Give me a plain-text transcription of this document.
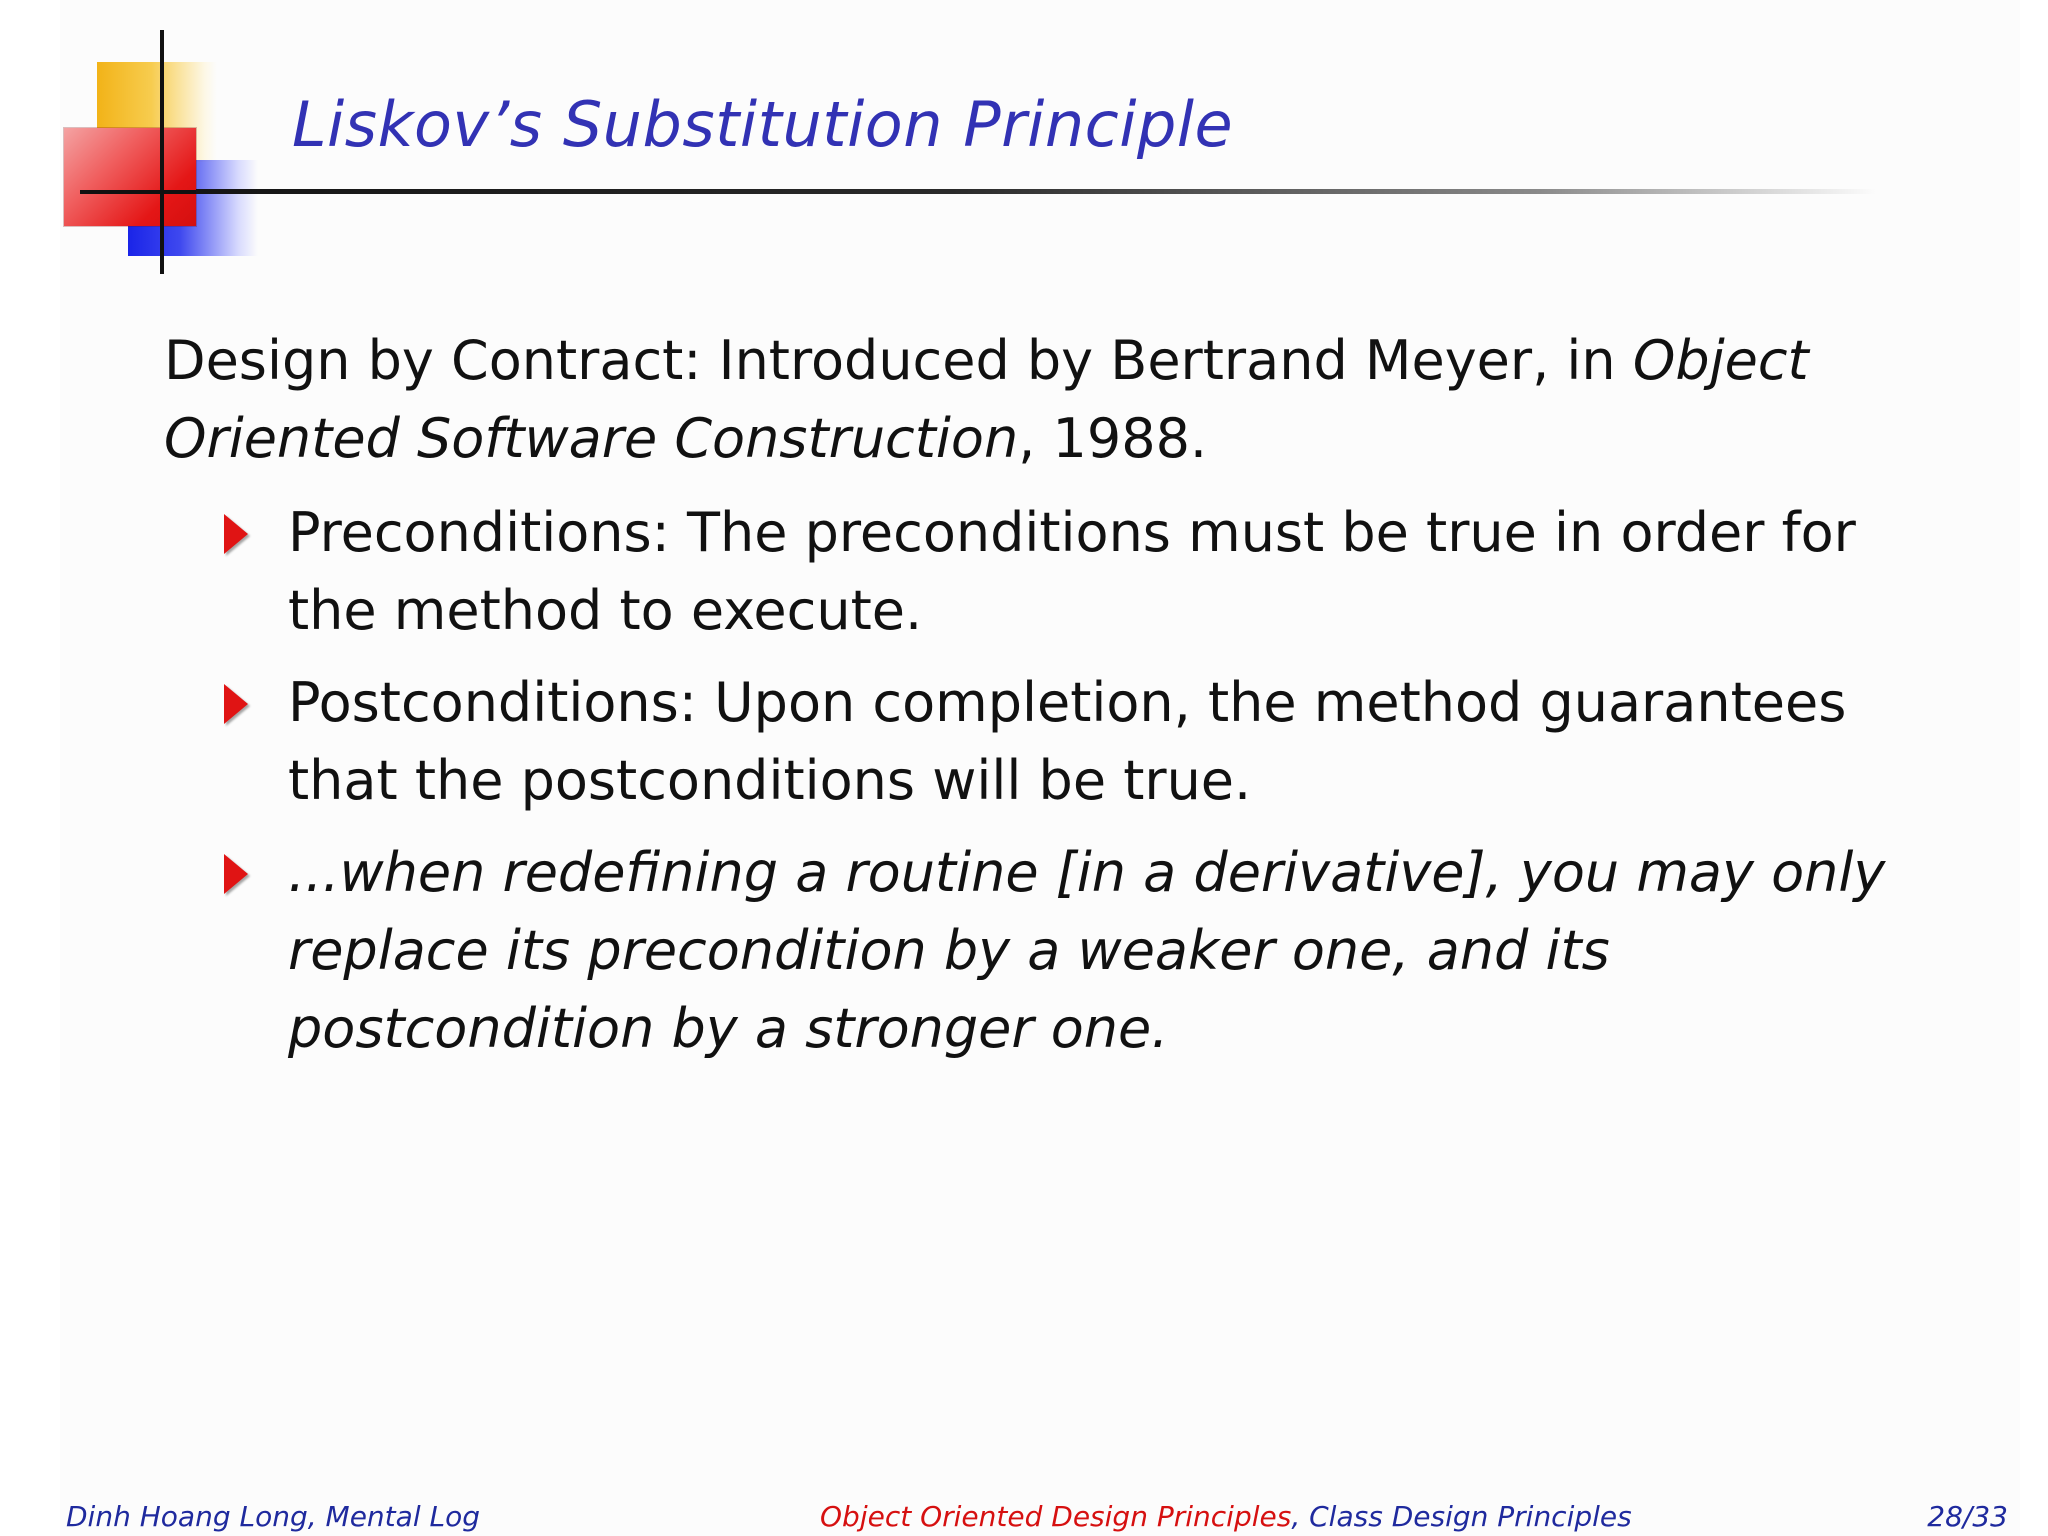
Liskov’s Substitution Principle

Design by Contract: Introduced by Bertrand Meyer, in Object Oriented Software Construction, 1988.

Preconditions: The preconditions must be true in order for the method to execute.
Postconditions: Upon completion, the method guarantees that the postconditions will be true.
...when redefining a routine [in a derivative], you may only replace its precondition by a weaker one, and its postcondition by a stronger one.
Dinh Hoang Long, Mental Log	Object Oriented Design Principles, Class Design Principles	28/33
